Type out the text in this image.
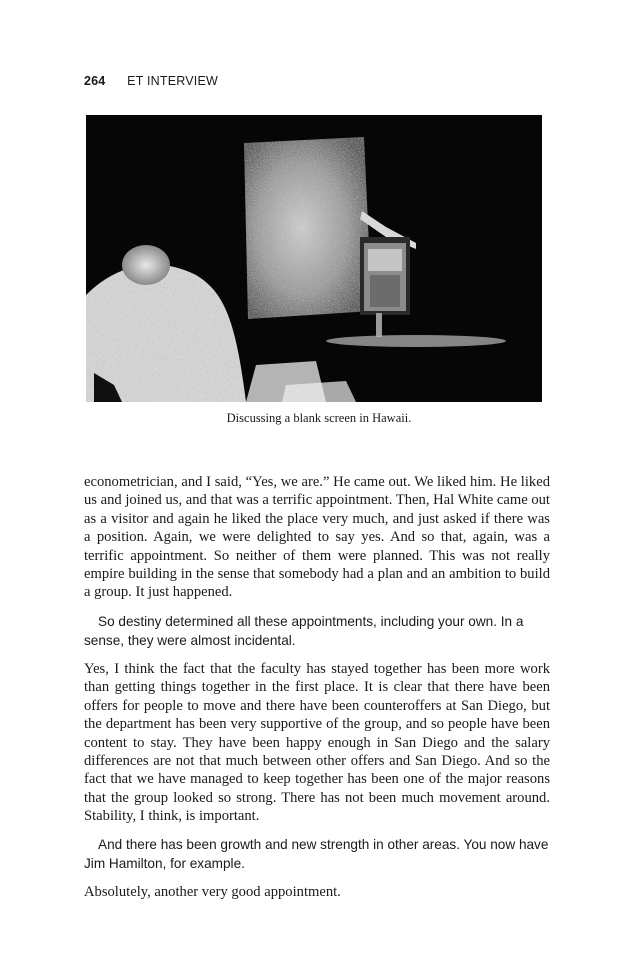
264 ET INTERVIEW
Discussing a blank screen in Hawaii.

econometrician, and I said, “Yes, we are.” He came out. We liked him. He liked us and joined us, and that was a terrific appointment. Then, Hal White came out as a visitor and again he liked the place very much, and just asked if there was a position. Again, we were delighted to say yes. And so that, again, was a terrific appointment. So neither of them were planned. This was not really empire building in the sense that somebody had a plan and an ambition to build a group. It just happened.

So destiny determined all these appointments, including your own. In a sense, they were almost incidental.

Yes, I think the fact that the faculty has stayed together has been more work than getting things together in the first place. It is clear that there have been offers for people to move and there have been counteroffers at San Diego, but the department has been very supportive of the group, and so people have been content to stay. They have been happy enough in San Diego and the salary differences are not that much between other offers and San Diego. And so the fact that we have managed to keep together has been one of the major reasons that the group looked so strong. There has not been much movement around. Stability, I think, is important.

And there has been growth and new strength in other areas. You now have Jim Hamilton, for example.

Absolutely, another very good appointment.
